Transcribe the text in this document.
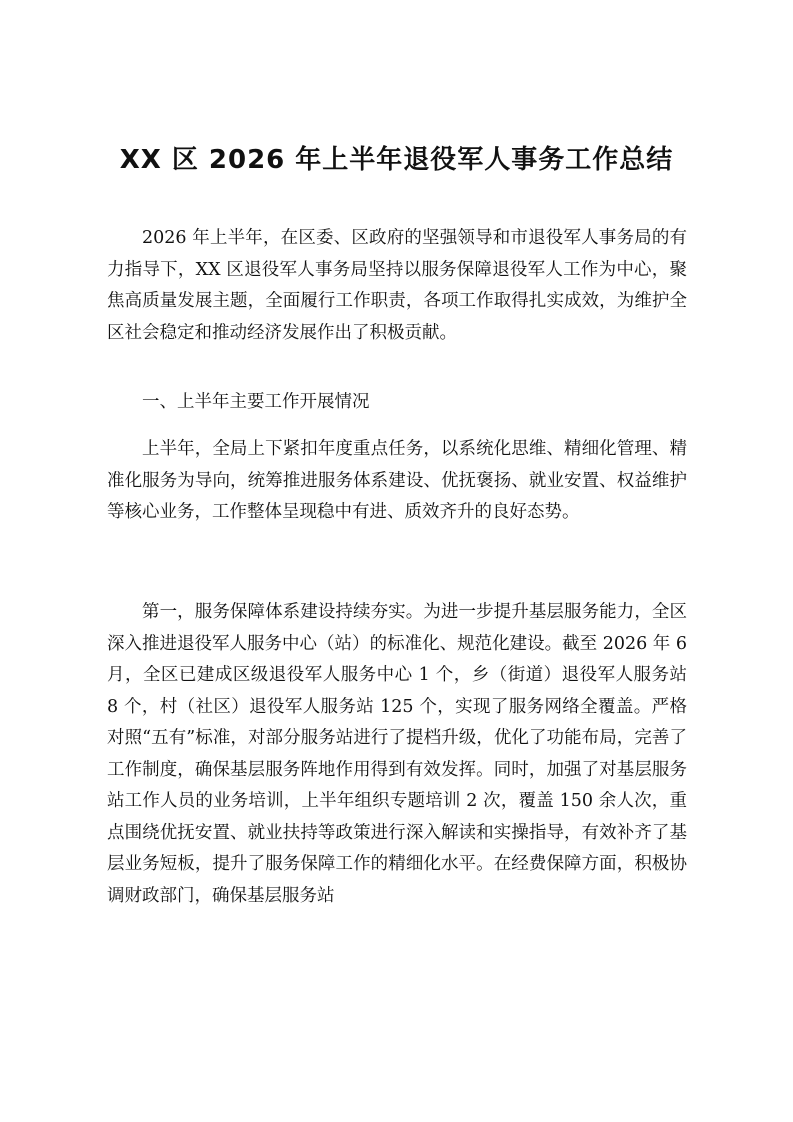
XX 区 2026 年上半年退役军人事务工作总结

2026 年上半年，在区委、区政府的坚强领导和市退役军人事务局的有力指导下，XX 区退役军人事务局坚持以服务保障退役军人工作为中心，聚焦高质量发展主题，全面履行工作职责，各项工作取得扎实成效，为维护全区社会稳定和推动经济发展作出了积极贡献。

一、上半年主要工作开展情况

上半年，全局上下紧扣年度重点任务，以系统化思维、精细化管理、精准化服务为导向，统筹推进服务体系建设、优抚褒扬、就业安置、权益维护等核心业务，工作整体呈现稳中有进、质效齐升的良好态势。

第一，服务保障体系建设持续夯实。为进一步提升基层服务能力，全区深入推进退役军人服务中心（站）的标准化、规范化建设。截至 2026 年 6 月，全区已建成区级退役军人服务中心 1 个，乡（街道）退役军人服务站 8 个，村（社区）退役军人服务站 125 个，实现了服务网络全覆盖。严格对照“五有”标准，对部分服务站进行了提档升级，优化了功能布局，完善了工作制度，确保基层服务阵地作用得到有效发挥。同时，加强了对基层服务站工作人员的业务培训，上半年组织专题培训 2 次，覆盖 150 余人次，重点围绕优抚安置、就业扶持等政策进行深入解读和实操指导，有效补齐了基层业务短板，提升了服务保障工作的精细化水平。在经费保障方面，积极协调财政部门，确保基层服务站
